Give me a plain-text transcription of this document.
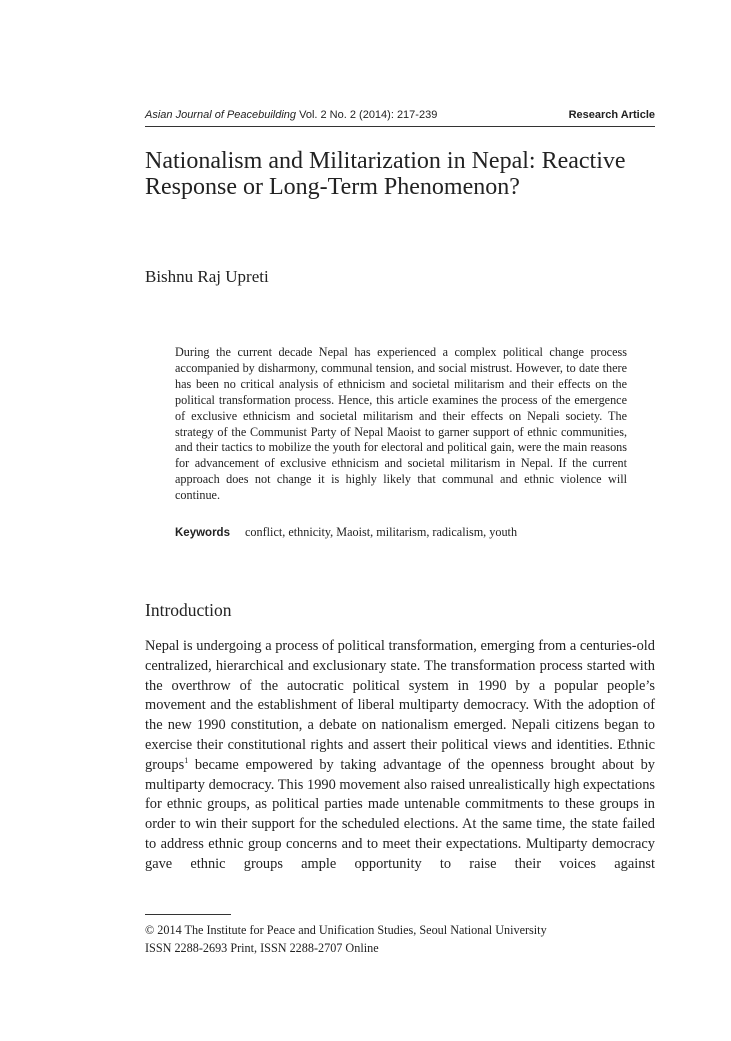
Asian Journal of Peacebuilding Vol. 2 No. 2 (2014): 217-239	Research Article
Nationalism and Militarization in Nepal: Reactive Response or Long-Term Phenomenon?
Bishnu Raj Upreti

During the current decade Nepal has experienced a complex political change process accompanied by disharmony, communal tension, and social mistrust. However, to date there has been no critical analysis of ethnicism and societal militarism and their effects on the political transformation process. Hence, this article examines the process of the emergence of exclusive ethnicism and societal militarism and their effects on Nepali society. The strategy of the Communist Party of Nepal Maoist to garner support of ethnic communities, and their tactics to mobilize the youth for electoral and political gain, were the main reasons for advancement of exclusive ethnicism and societal militarism in Nepal. If the current approach does not change it is highly likely that communal and ethnic violence will continue.

Keywords conflict, ethnicity, Maoist, militarism, radicalism, youth
Introduction

Nepal is undergoing a process of political transformation, emerging from a centuries-old centralized, hierarchical and exclusionary state. The transformation process started with the overthrow of the autocratic political system in 1990 by a popular people’s movement and the establishment of liberal multiparty democracy. With the adoption of the new 1990 constitution, a debate on nationalism emerged. Nepali citizens began to exercise their constitutional rights and assert their political views and identities. Ethnic groups$^1$ became empowered by taking advantage of the openness brought about by multiparty democracy. This 1990 movement also raised unrealistically high expectations for ethnic groups, as political parties made untenable commitments to these groups in order to win their support for the scheduled elections. At the same time, the state failed to address ethnic group concerns and to meet their expectations. Multiparty democracy gave ethnic groups ample opportunity to raise their voices against

© 2014 The Institute for Peace and Unification Studies, Seoul National University
ISSN 2288-2693 Print, ISSN 2288-2707 Online
